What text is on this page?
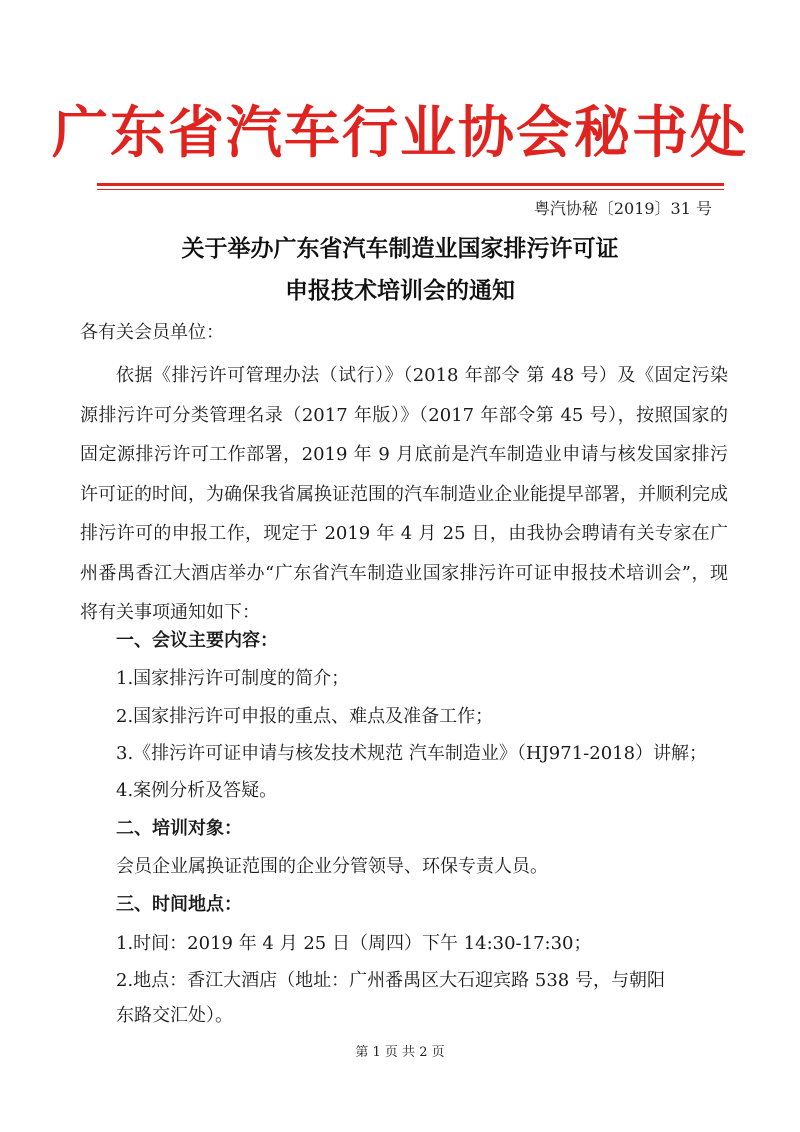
广东省汽车行业协会秘书处
粤汽协秘〔2019〕31 号
关于举办广东省汽车制造业国家排污许可证
申报技术培训会的通知
各有关会员单位：
依据《排污许可管理办法（试行）》（2018 年部令 第 48 号）及《固定污染源排污许可分类管理名录（2017 年版）》（2017 年部令第 45 号），按照国家的固定源排污许可工作部署，2019 年 9 月底前是汽车制造业申请与核发国家排污许可证的时间，为确保我省属换证范围的汽车制造业企业能提早部署，并顺利完成排污许可的申报工作，现定于 2019 年 4 月 25 日，由我协会聘请有关专家在广州番禺香江大酒店举办“广东省汽车制造业国家排污许可证申报技术培训会”，现将有关事项通知如下：
一、会议主要内容：
1.国家排污许可制度的简介；
2.国家排污许可申报的重点、难点及准备工作；
3.《排污许可证申请与核发技术规范 汽车制造业》（HJ971-2018）讲解；
4.案例分析及答疑。
二、培训对象：
会员企业属换证范围的企业分管领导、环保专责人员。
三、时间地点：
1.时间：2019 年 4 月 25 日（周四）下午 14:30-17:30；
2.地点：香江大酒店（地址：广州番禺区大石迎宾路 538 号，与朝阳
东路交汇处）。
第 1 页 共 2 页
